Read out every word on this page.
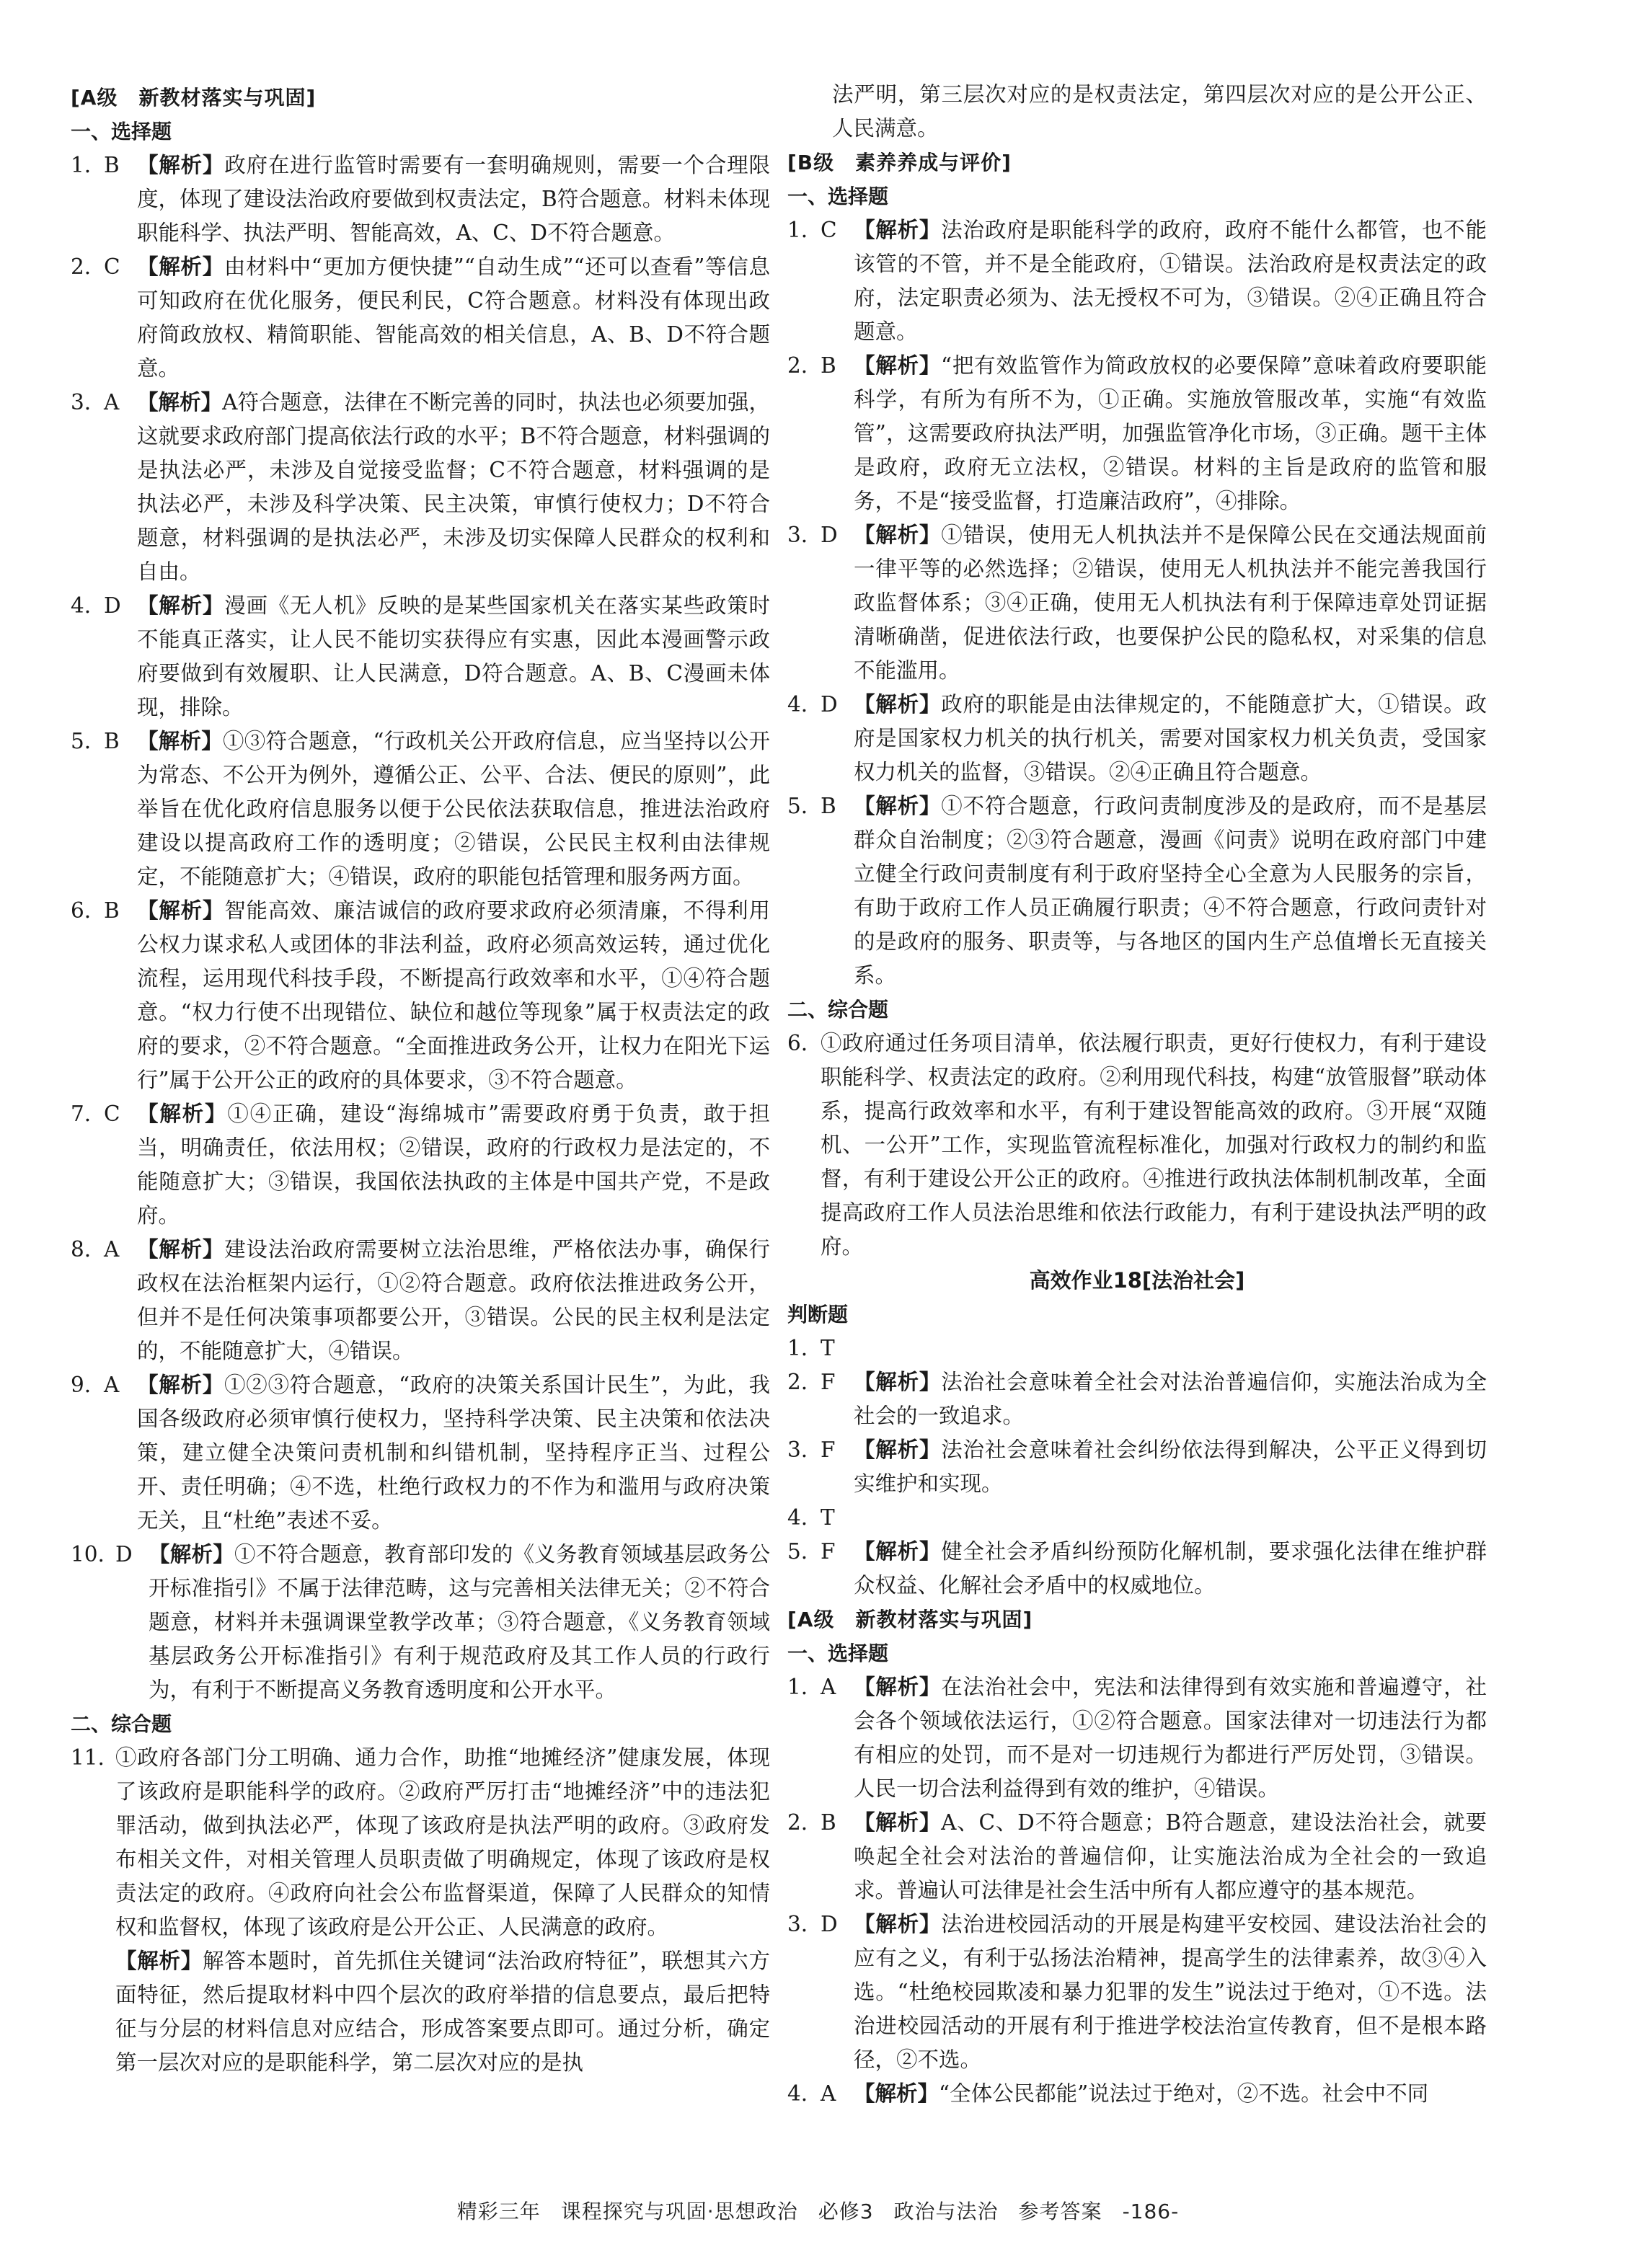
[A级　新教材落实与巩固]

一、选择题

1. B 【解析】政府在进行监管时需要有一套明确规则，需要一个合理限度，体现了建设法治政府要做到权责法定，B符合题意。材料未体现职能科学、执法严明、智能高效，A、C、D不符合题意。
2. C 【解析】由材料中“更加方便快捷”“自动生成”“还可以查看”等信息可知政府在优化服务，便民利民，C符合题意。材料没有体现出政府简政放权、精简职能、智能高效的相关信息，A、B、D不符合题意。
3. A 【解析】A符合题意，法律在不断完善的同时，执法也必须要加强，这就要求政府部门提高依法行政的水平；B不符合题意，材料强调的是执法必严，未涉及自觉接受监督；C不符合题意，材料强调的是执法必严，未涉及科学决策、民主决策，审慎行使权力；D不符合题意，材料强调的是执法必严，未涉及切实保障人民群众的权利和自由。
4. D 【解析】漫画《无人机》反映的是某些国家机关在落实某些政策时不能真正落实，让人民不能切实获得应有实惠，因此本漫画警示政府要做到有效履职、让人民满意，D符合题意。A、B、C漫画未体现，排除。
5. B 【解析】①③符合题意，“行政机关公开政府信息，应当坚持以公开为常态、不公开为例外，遵循公正、公平、合法、便民的原则”，此举旨在优化政府信息服务以便于公民依法获取信息，推进法治政府建设以提高政府工作的透明度；②错误，公民民主权利由法律规定，不能随意扩大；④错误，政府的职能包括管理和服务两方面。
6. B 【解析】智能高效、廉洁诚信的政府要求政府必须清廉，不得利用公权力谋求私人或团体的非法利益，政府必须高效运转，通过优化流程，运用现代科技手段，不断提高行政效率和水平，①④符合题意。“权力行使不出现错位、缺位和越位等现象”属于权责法定的政府的要求，②不符合题意。“全面推进政务公开，让权力在阳光下运行”属于公开公正的政府的具体要求，③不符合题意。
7. C 【解析】①④正确，建设“海绵城市”需要政府勇于负责，敢于担当，明确责任，依法用权；②错误，政府的行政权力是法定的，不能随意扩大；③错误，我国依法执政的主体是中国共产党，不是政府。
8. A 【解析】建设法治政府需要树立法治思维，严格依法办事，确保行政权在法治框架内运行，①②符合题意。政府依法推进政务公开，但并不是任何决策事项都要公开，③错误。公民的民主权利是法定的，不能随意扩大，④错误。
9. A 【解析】①②③符合题意，“政府的决策关系国计民生”，为此，我国各级政府必须审慎行使权力，坚持科学决策、民主决策和依法决策，建立健全决策问责机制和纠错机制，坚持程序正当、过程公开、责任明确；④不选，杜绝行政权力的不作为和滥用与政府决策无关，且“杜绝”表述不妥。
10. D 【解析】①不符合题意，教育部印发的《义务教育领域基层政务公开标准指引》不属于法律范畴，这与完善相关法律无关；②不符合题意，材料并未强调课堂教学改革；③符合题意，《义务教育领域基层政务公开标准指引》有利于规范政府及其工作人员的行政行为，有利于不断提高义务教育透明度和公开水平。

二、综合题

11. ①政府各部门分工明确、通力合作，助推“地摊经济”健康发展，体现了该政府是职能科学的政府。②政府严厉打击“地摊经济”中的违法犯罪活动，做到执法必严，体现了该政府是执法严明的政府。③政府发布相关文件，对相关管理人员职责做了明确规定，体现了该政府是权责法定的政府。④政府向社会公布监督渠道，保障了人民群众的知情权和监督权，体现了该政府是公开公正、人民满意的政府。

【解析】解答本题时，首先抓住关键词“法治政府特征”，联想其六方面特征，然后提取材料中四个层次的政府举措的信息要点，最后把特征与分层的材料信息对应结合，形成答案要点即可。通过分析，确定第一层次对应的是职能科学，第二层次对应的是执

法严明，第三层次对应的是权责法定，第四层次对应的是公开公正、人民满意。

[B级　素养养成与评价]

一、选择题

1. C 【解析】法治政府是职能科学的政府，政府不能什么都管，也不能该管的不管，并不是全能政府，①错误。法治政府是权责法定的政府，法定职责必须为、法无授权不可为，③错误。②④正确且符合题意。
2. B 【解析】“把有效监管作为简政放权的必要保障”意味着政府要职能科学，有所为有所不为，①正确。实施放管服改革，实施“有效监管”，这需要政府执法严明，加强监管净化市场，③正确。题干主体是政府，政府无立法权，②错误。材料的主旨是政府的监管和服务，不是“接受监督，打造廉洁政府”，④排除。
3. D 【解析】①错误，使用无人机执法并不是保障公民在交通法规面前一律平等的必然选择；②错误，使用无人机执法并不能完善我国行政监督体系；③④正确，使用无人机执法有利于保障违章处罚证据清晰确凿，促进依法行政，也要保护公民的隐私权，对采集的信息不能滥用。
4. D 【解析】政府的职能是由法律规定的，不能随意扩大，①错误。政府是国家权力机关的执行机关，需要对国家权力机关负责，受国家权力机关的监督，③错误。②④正确且符合题意。
5. B 【解析】①不符合题意，行政问责制度涉及的是政府，而不是基层群众自治制度；②③符合题意，漫画《问责》说明在政府部门中建立健全行政问责制度有利于政府坚持全心全意为人民服务的宗旨，有助于政府工作人员正确履行职责；④不符合题意，行政问责针对的是政府的服务、职责等，与各地区的国内生产总值增长无直接关系。

二、综合题

6. ①政府通过任务项目清单，依法履行职责，更好行使权力，有利于建设职能科学、权责法定的政府。②利用现代科技，构建“放管服督”联动体系，提高行政效率和水平，有利于建设智能高效的政府。③开展“双随机、一公开”工作，实现监管流程标准化，加强对行政权力的制约和监督，有利于建设公开公正的政府。④推进行政执法体制机制改革，全面提高政府工作人员法治思维和依法行政能力，有利于建设执法严明的政府。

高效作业18[法治社会]

判断题

1. T
2. F 【解析】法治社会意味着全社会对法治普遍信仰，实施法治成为全社会的一致追求。
3. F 【解析】法治社会意味着社会纠纷依法得到解决，公平正义得到切实维护和实现。
4. T
5. F 【解析】健全社会矛盾纠纷预防化解机制，要求强化法律在维护群众权益、化解社会矛盾中的权威地位。

[A级　新教材落实与巩固]

一、选择题

1. A 【解析】在法治社会中，宪法和法律得到有效实施和普遍遵守，社会各个领域依法运行，①②符合题意。国家法律对一切违法行为都有相应的处罚，而不是对一切违规行为都进行严厉处罚，③错误。人民一切合法利益得到有效的维护，④错误。
2. B 【解析】A、C、D不符合题意；B符合题意，建设法治社会，就要唤起全社会对法治的普遍信仰，让实施法治成为全社会的一致追求。普遍认可法律是社会生活中所有人都应遵守的基本规范。
3. D 【解析】法治进校园活动的开展是构建平安校园、建设法治社会的应有之义，有利于弘扬法治精神，提高学生的法律素养，故③④入选。“杜绝校园欺凌和暴力犯罪的发生”说法过于绝对，①不选。法治进校园活动的开展有利于推进学校法治宣传教育，但不是根本路径，②不选。
4. A 【解析】“全体公民都能”说法过于绝对，②不选。社会中不同
精彩三年 课程探究与巩固·思想政治 必修3 政治与法治 参考答案 -186-
